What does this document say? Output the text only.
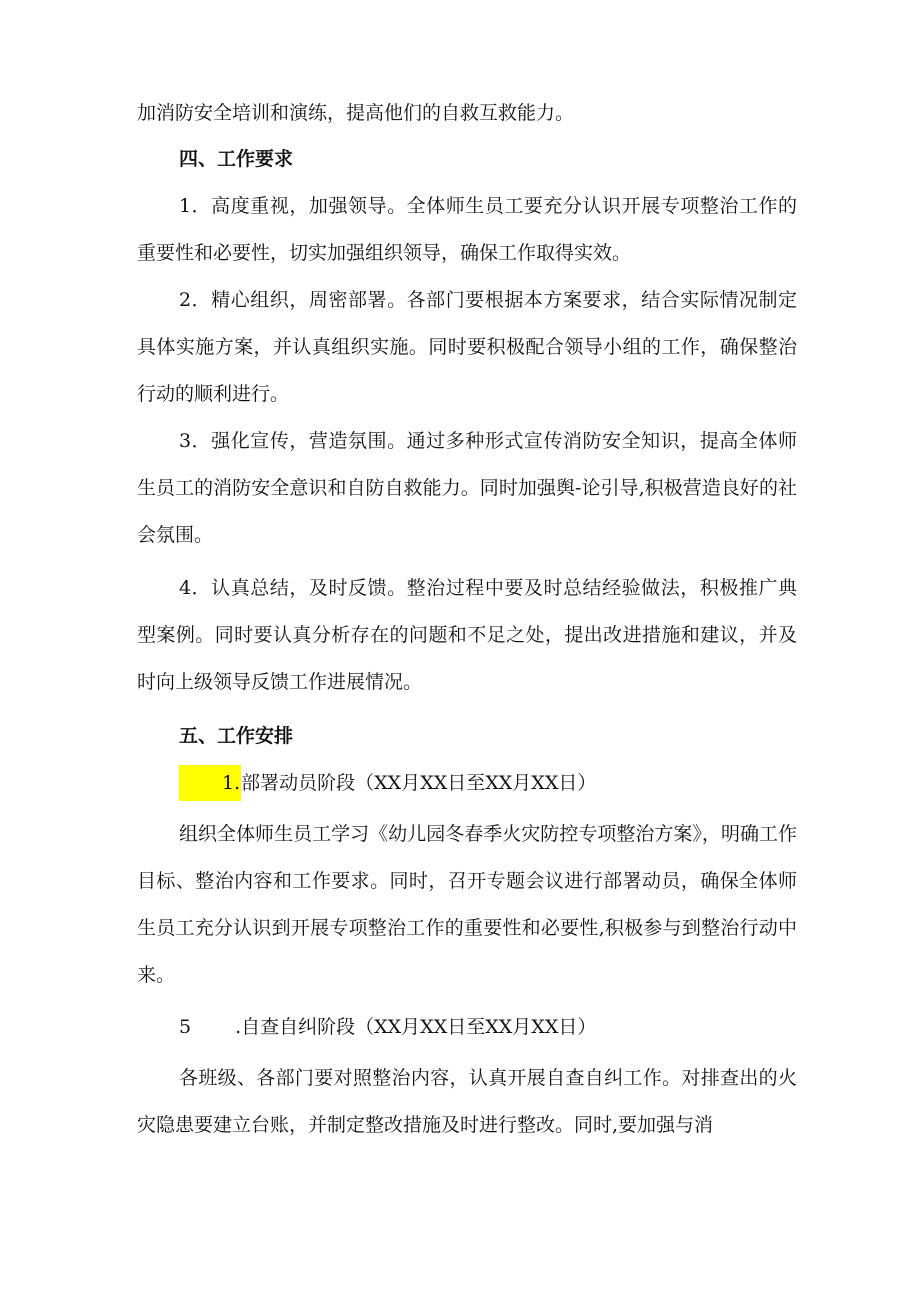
加消防安全培训和演练，提高他们的自救互救能力。

四、工作要求

1．高度重视，加强领导。全体师生员工要充分认识开展专项整治工作的重要性和必要性，切实加强组织领导，确保工作取得实效。

2．精心组织，周密部署。各部门要根据本方案要求，结合实际情况制定具体实施方案，并认真组织实施。同时要积极配合领导小组的工作，确保整治行动的顺利进行。

3．强化宣传，营造氛围。通过多种形式宣传消防安全知识，提高全体师生员工的消防安全意识和自防自救能力。同时加强舆-论引导,积极营造良好的社会氛围。

4．认真总结，及时反馈。整治过程中要及时总结经验做法，积极推广典型案例。同时要认真分析存在的问题和不足之处，提出改进措施和建议，并及时向上级领导反馈工作进展情况。

五、工作安排

1.部署动员阶段（XX月XX日至XX月XX日）

组织全体师生员工学习《幼儿园冬春季火灾防控专项整治方案》，明确工作目标、整治内容和工作要求。同时，召开专题会议进行部署动员，确保全体师生员工充分认识到开展专项整治工作的重要性和必要性,积极参与到整治行动中来。

5 .自查自纠阶段（XX月XX日至XX月XX日）

各班级、各部门要对照整治内容，认真开展自查自纠工作。对排查出的火灾隐患要建立台账，并制定整改措施及时进行整改。同时,要加强与消
